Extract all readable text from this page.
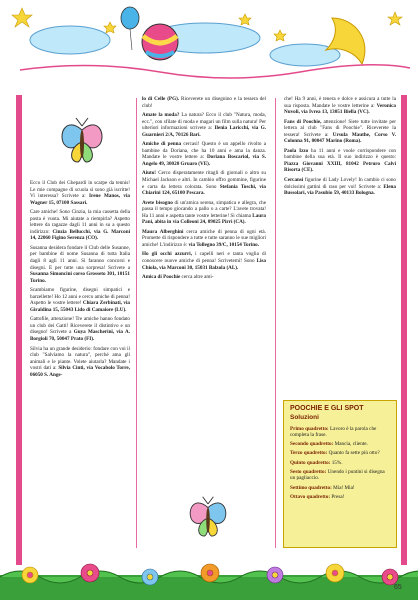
Ecco il Club dei Ghepardi in scarpe da tennis! Le mie compagne di scuola si sono già iscritte! Vi interessa? Scrivete a: Irene Manos, via Wagner 15, 07100 Sassari.

Care amiche! Sono Cinzia, la mia cassetta della posta è vuota. Mi aiutate a riempirla? Aspetto lettere da ragazze dagli 11 anni in su a questo indirizzo: Cinzia Bellucchi, via G. Marconi 14, 22060 Figino Serenza (CO).

Susanna desidera fondare il Club delle Susanne, per bambine di nome Susanna di tutta Italia dagli 8 agli 11 anni. Si faranno concorsi e disegni. E per tutte una sorpresa! Scrivete a Susanna Simoncini corso Grosseto 301, 10151 Torino.

Scambiamo figurine, disegni simpatici e barzellette! Ho 12 anni e cerco amiche di penna! Aspetto le vostre lettere! Chiara Zerbinati, via Giraldina 15, 55043 Lido di Camaiore (LU).

Gattofile, attenzione! Tre amiche hanno fondato un club dei Gatti! Riceverete il distintivo e un disegno! Scrivete a Guya Mascherini, via A. Borgioli 70, 50047 Prato (FI).

Silvia ha un grande desiderio: fondare con voi il club "Salviamo la natura", perché ama gli animali e le piante. Volete aiutarla? Mandate i vostri dati a: Silvia Cinti, via Vocabolo Torre, 06050 S. Ange-

lo di Celle (PG). Riceverete un disegnino e la tessera del club!

Amate la moda? La natura? Ecco il club "Natura, moda, ecc.", con sfilate di moda e magari un film sulla natura! Per ulteriori informazioni scrivete a: Ilenia Laricchi, via G. Guarnieri 2/A, 70126 Bari.

Amiche di penna cercasi! Questo è un appello rivolto a bambine da Doriana, che ha 10 anni e ama la danza. Mandate le vostre lettere a: Doriana Boscariol, via S. Angelo 49, 30020 Gruaro (VE).

Aiuto! Cerco disperatamente ritagli di giornali o altro su Michael Jackson e altri. In cambio offro gommine, figurine e carta da lettera colorata. Sono Stefania Toschi, via Chiarini 124, 65100 Pescara.

Avete bisogno di un'amica serena, simpatica e allegra, che passa il tempo giocando a pallo o a carte? L'avete trovata! Ha 11 anni e aspetta tante vostre letterine! Si chiama Laura Pani, abita in via Colleoni 24, 09025 Pirri (CA).

Maura Alberghini cerca amiche di penna di ogni età. Promette di rispondere a tutte e tutte saranno le sue migliori amiche! L'indirizzo è: via Tollegno 39/C, 10154 Torino.

Ho gli occhi azzurri, i capelli neri e tanta voglia di conoscere nuove amiche di penna! Scrivetemi! Sono Lisa Chiola, via Marconi 30, 15031 Balzola (AL).

Amica di Poochie cerca altre ami-

che! Ha 9 anni, è tenera e dolce e assicura a tutte la sua risposta. Mandate le vostre letterine a: Veronica Nuvoli, via Ivrea 13, 13051 Biella (VC).

Fans di Poochie, attenzione! Siete tutte invitate per lettera al club "Fans di Poochie". Riceverete la tessera! Scrivete a: Ursula Mauthe, Corso V. Colonna 91, 00047 Marino (Roma).

Paola Izzo ha 11 anni e vuole corrispondere con bambine della sua età. Il suo indirizzo è questo: Piazza Giovanni XXIII, 81042 Petruro Calvi Risorta (CE).

Cercansi figurine di Lady Lovely! In cambio ci sono dolcissimi gattini di raso per voi! Scrivete a: Elena Bussolari, via Pasubio 59, 40133 Bologna.

POOCHIE E GLI SPOT
Soluzioni

Primo quadretto: Lavoro è la parola che completa la frase.

Secondo quadretto: Mancia, cliente.

Terzo quadretto: Quanto fa sette più otto?

Quinto quadretto: 15%.

Sesto quadretto: Unendo i puntini si disegna un pagliaccio.

Settimo quadretto: Mia! Mia!

Ottavo quadretto: Presa!

65
